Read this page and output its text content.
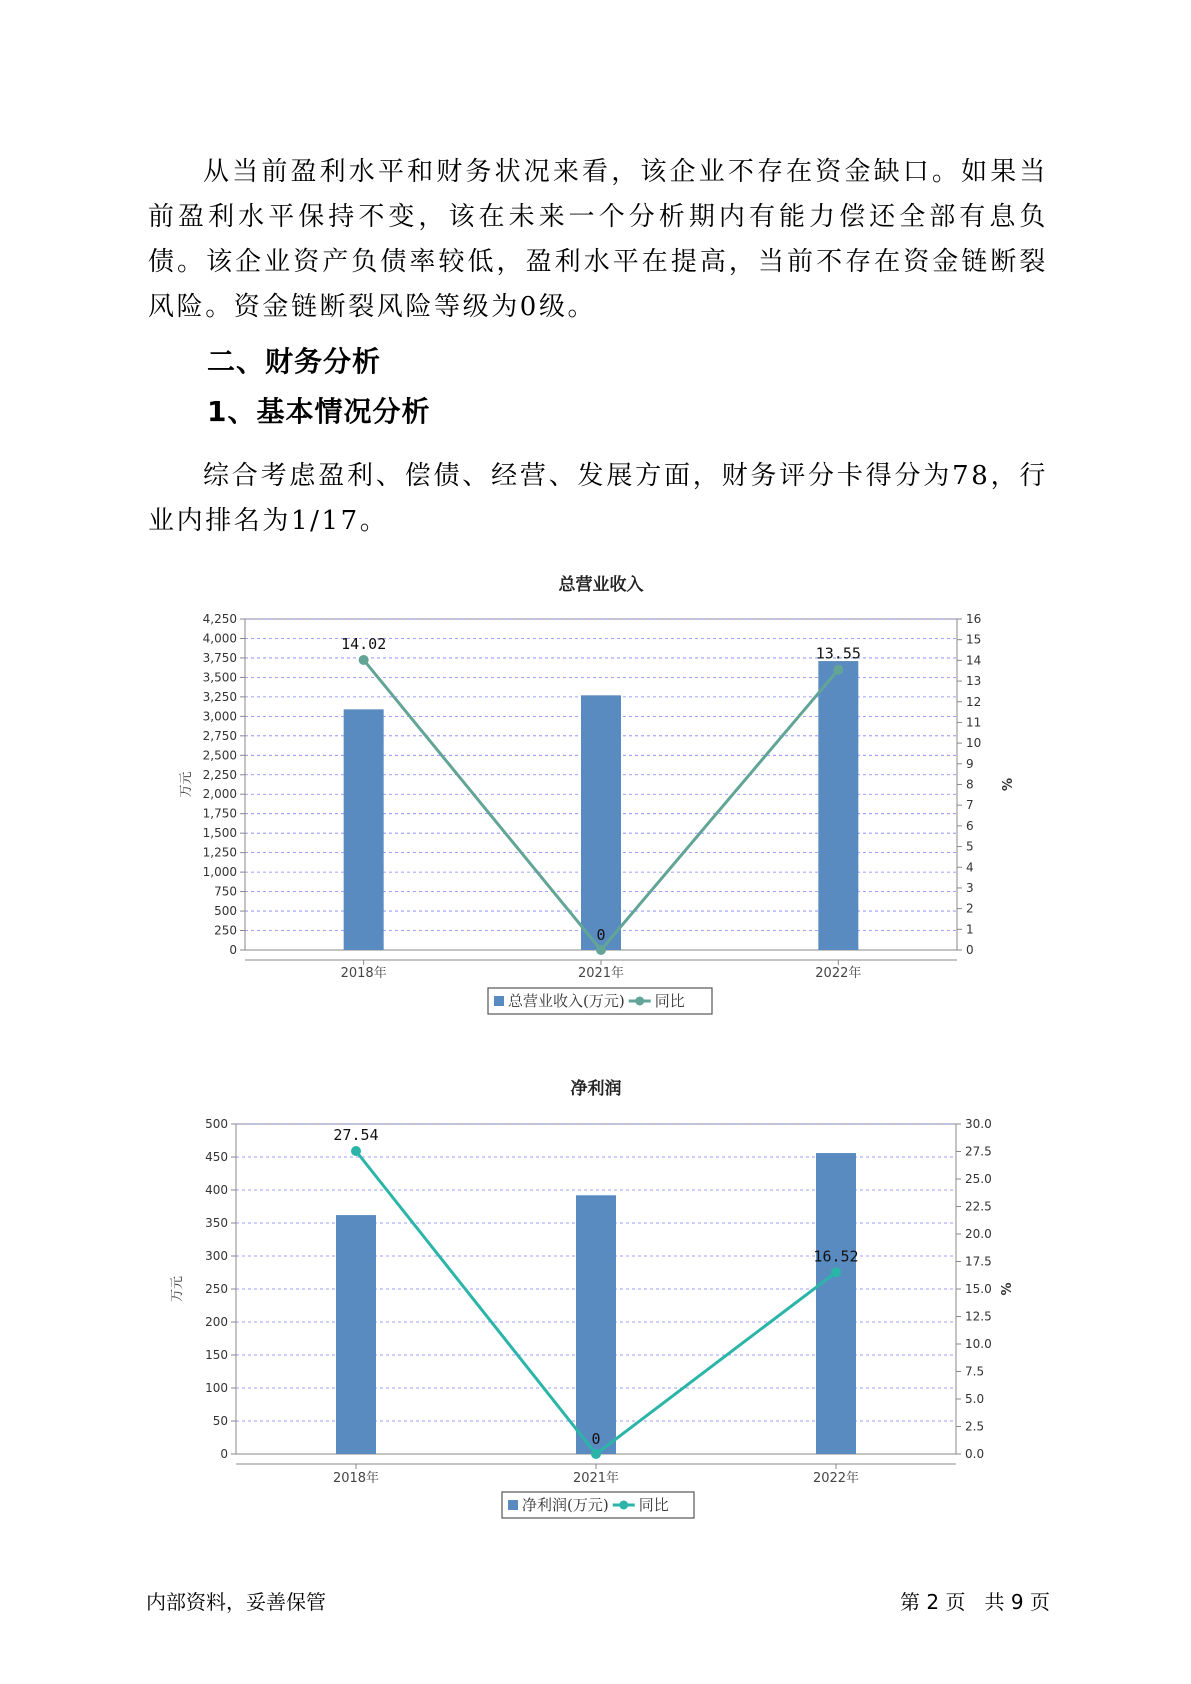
从当前盈利水平和财务状况来看，该企业不存在资金缺口。如果当前盈利水平保持不变，该在未来一个分析期内有能力偿还全部有息负债。该企业资产负债率较低，盈利水平在提高，当前不存在资金链断裂风险。资金链断裂风险等级为0级。

二、财务分析
1、基本情况分析

综合考虑盈利、偿债、经营、发展方面，财务评分卡得分为78，行业内排名为1/17。

总营业收入
0
250
500
750
1,000
1,250
1,500
1,750
2,000
2,250
2,500
2,750
3,000
3,250
3,500
3,750
4,000
4,250
0
1
2
3
4
5
6
7
8
9
10
11
12
13
14
15
16
万元	%
2018年	2021年	2022年
14.02
0
13.55
总营业收入(万元) 同比
净利润
0
50
100
150
200
250
300
350
400
450
500
0.0
2.5
5.0
7.5
10.0
12.5
15.0
17.5
20.0
22.5
25.0
27.5
30.0
万元	%
2018年	2021年	2022年
27.54
0
16.52
净利润(万元) 同比
内部资料，妥善保管	第 2 页   共 9 页
